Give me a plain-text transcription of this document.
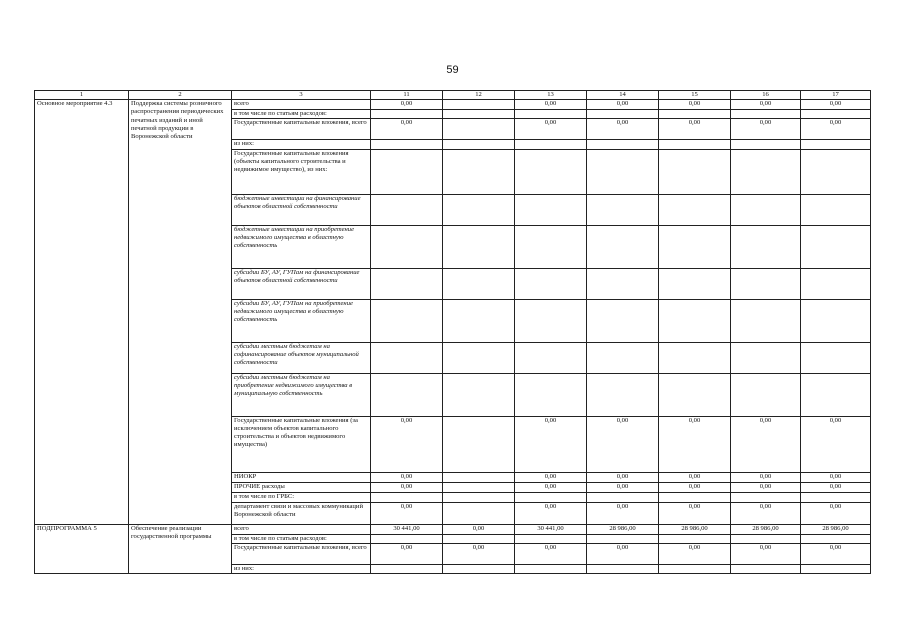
59
1	2	3	11	12	13	14	15	16	17
Основное мероприятие 4.3	Поддержка системы розничного распространения периодических печатных изданий и иной печатной продукции в Воронежской области	всего	0,00		0,00	0,00	0,00	0,00	0,00
		в том числе по статьям расходов:							
		Государственные капитальные вложения, всего	0,00		0,00	0,00	0,00	0,00	0,00
		из них:							
		Государственные капитальные вложения (объекты капитального строительства и недвижимое имущество), из них:							
		бюджетные инвестиции на финансирование объектов областной собственности							
		бюджетные инвестиции на приобретение недвижимого имущества в областную собственность							
		субсидии БУ, АУ, ГУПам на финансирование объектов областной собственности							
		субсидии БУ, АУ, ГУПам на приобретение недвижимого имущества в областную собственность							
		субсидии местным бюджетам на софинансирование объектов муниципальной собственности							
		субсидии местным бюджетам на приобретение недвижимого имущества в муниципальную собственность							
		Государственные капитальные вложения (за исключением объектов капитального строительства и объектов недвижимого имущества)	0,00		0,00	0,00	0,00	0,00	0,00
		НИОКР	0,00		0,00	0,00	0,00	0,00	0,00
		ПРОЧИЕ расходы	0,00		0,00	0,00	0,00	0,00	0,00
		в том числе по ГРБС:							
		департамент связи и массовых коммуникаций Воронежской области	0,00		0,00	0,00	0,00	0,00	0,00
ПОДПРОГРАММА 5	Обеспечение реализации государственной программы	всего	30 441,00	0,00	30 441,00	28 986,00	28 986,00	28 986,00	28 986,00
		в том числе по статьям расходов:							
		Государственные капитальные вложения, всего	0,00	0,00	0,00	0,00	0,00	0,00	0,00
		из них:							
